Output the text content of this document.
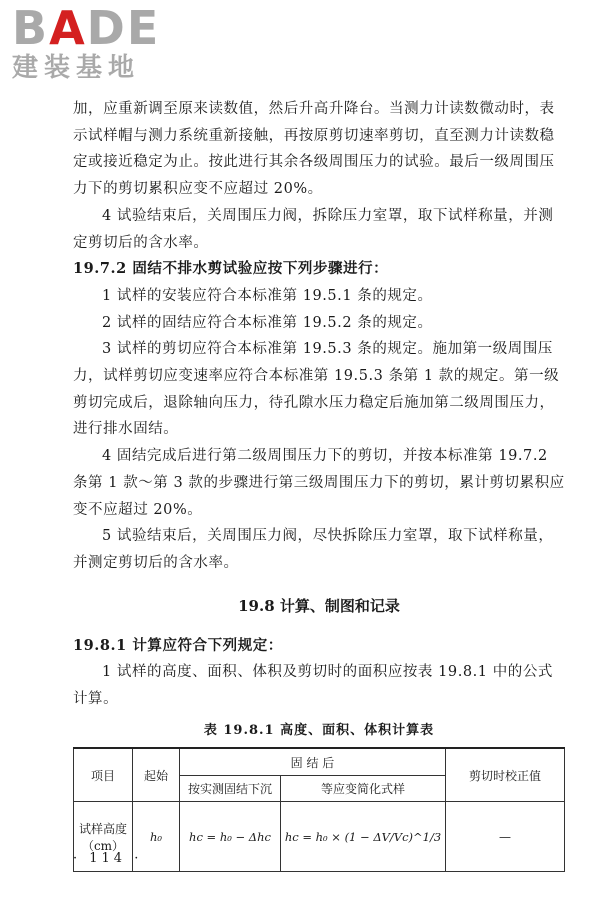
BADE
建装基地

加，应重新调至原来读数值，然后升高升降台。当测力计读数微动时，表示试样帽与测力系统重新接触，再按原剪切速率剪切，直至测力计读数稳定或接近稳定为止。按此进行其余各级周围压力的试验。最后一级周围压力下的剪切累积应变不应超过 20%。

4 试验结束后，关周围压力阀，拆除压力室罩，取下试样称量，并测定剪切后的含水率。

19.7.2 固结不排水剪试验应按下列步骤进行：

1 试样的安装应符合本标准第 19.5.1 条的规定。

2 试样的固结应符合本标准第 19.5.2 条的规定。

3 试样的剪切应符合本标准第 19.5.3 条的规定。施加第一级周围压力，试样剪切应变速率应符合本标准第 19.5.3 条第 1 款的规定。第一级剪切完成后，退除轴向压力，待孔隙水压力稳定后施加第二级周围压力，进行排水固结。

4 固结完成后进行第二级周围压力下的剪切，并按本标准第 19.7.2 条第 1 款～第 3 款的步骤进行第三级周围压力下的剪切，累计剪切累积应变不应超过 20%。

5 试验结束后，关周围压力阀，尽快拆除压力室罩，取下试样称量，并测定剪切后的含水率。

19.8 计算、制图和记录

19.8.1 计算应符合下列规定：

1 试样的高度、面积、体积及剪切时的面积应按表 19.8.1 中的公式计算。

表 19.8.1 高度、面积、体积计算表
项目	起始	固 结 后		剪切时校正值
		按实测固结下沉	等应变简化式样	

试样高度
（cm）	h₀	hc = h₀ − Δhc	hc = h₀ × (1 − ΔV/Vc)^1/3	—
· 114 ·
